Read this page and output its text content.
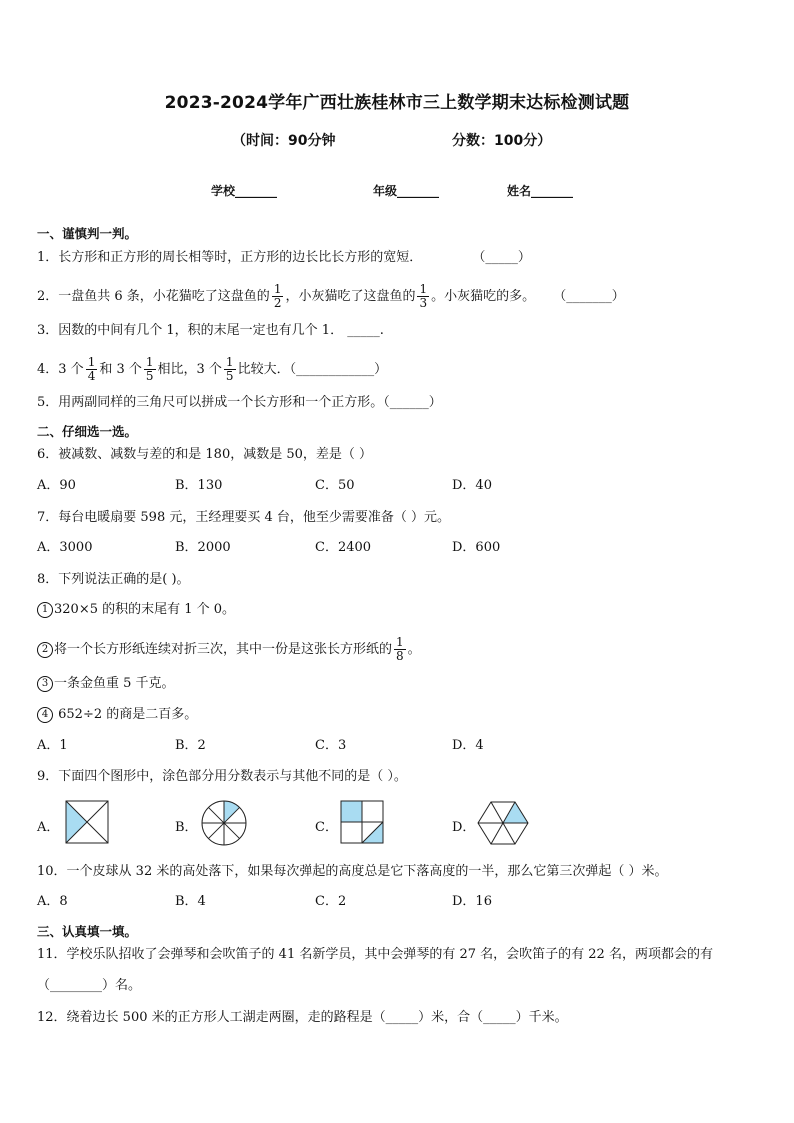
2023-2024学年广西壮族桂林市三上数学期末达标检测试题
（时间：90分钟	分数：100分）
学校_______	年级_______	姓名_______
一、谨慎判一判。
1．长方形和正方形的周长相等时，正方形的边长比长方形的宽短．	（_____）
2．一盘鱼共 6 条，小花猫吃了这盘鱼的 $\frac{1}{2}$ ，小灰猫吃了这盘鱼的 $\frac{1}{3}$ 。小灰猫吃的多。 （_______）
3．因数的中间有几个 1，积的末尾一定也有几个 1． _____.
4．3 个 $\frac{1}{4}$ 和 3 个 $\frac{1}{5}$ 相比，3 个 $\frac{1}{5}$ 比较大．（____________）
5．用两副同样的三角尺可以拼成一个长方形和一个正方形。（______）
二、仔细选一选。
6．被减数、减数与差的和是 180，减数是 50，差是（ ）
A．90	B．130	C．50	D．40
7．每台电暖扇要 598 元，王经理要买 4 台，他至少需要准备（ ）元。
A．3000	B．2000	C．2400	D．600
8．下列说法正确的是( )。
1 320×5 的积的末尾有 1 个 0。
2 将一个长方形纸连续对折三次，其中一份是这张长方形纸的 $\frac{1}{8}$ 。
3 一条金鱼重 5 千克。
4 652÷2 的商是二百多。
A．1	B．2	C．3	D．4
9．下面四个图形中，涂色部分用分数表示与其他不同的是（ ）。
A．	B．	C．	D．
10．一个皮球从 32 米的高处落下，如果每次弹起的高度总是它下落高度的一半，那么它第三次弹起（ ）米。
A．8	B．4	C．2	D．16
三、认真填一填。
11．学校乐队招收了会弹琴和会吹笛子的 41 名新学员，其中会弹琴的有 27 名，会吹笛子的有 22 名，两项都会的有
（________）名。
12．绕着边长 500 米的正方形人工湖走两圈，走的路程是（_____）米，合（_____）千米。
